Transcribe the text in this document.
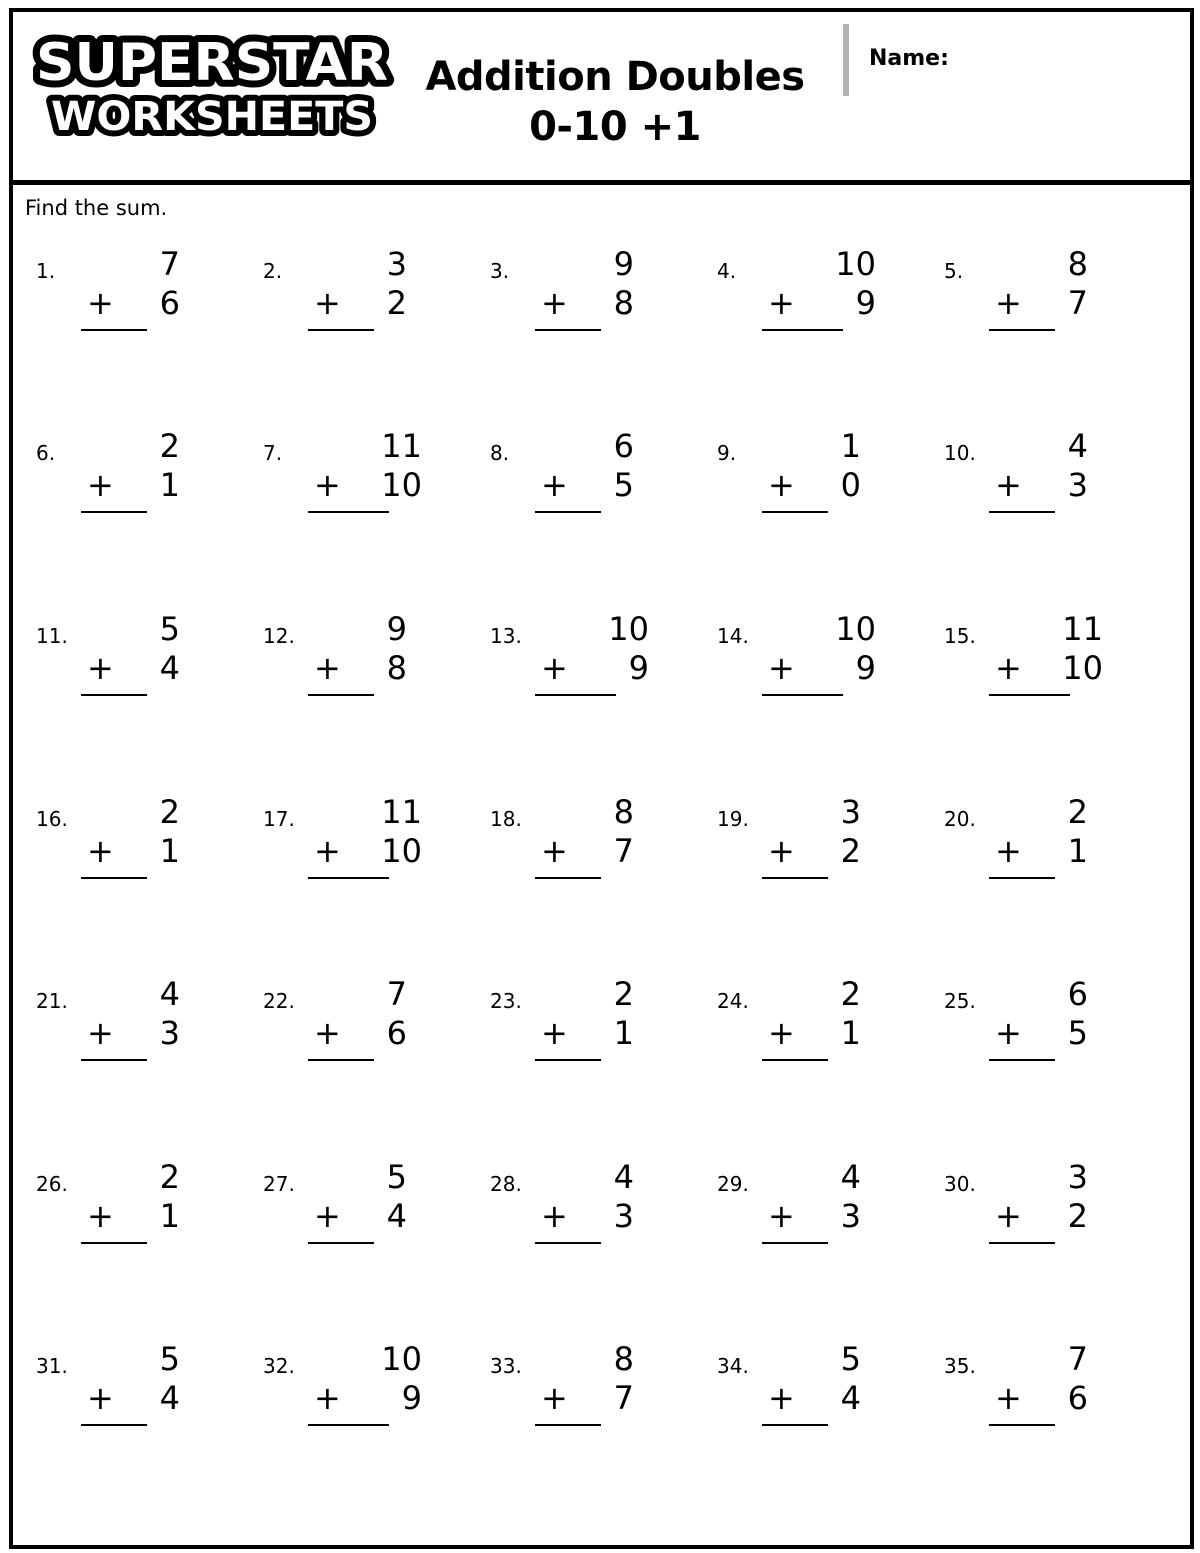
SUPERSTAR
WORKSHEETS
Addition Doubles
0-10 +1
Name:
Find the sum.
1.	7
+ 6
2.	3
+ 2
3.	9
+ 8
4.	10
+ 9
5.	8
+ 7
6.	2
+ 1
7.	11
+ 10
8.	6
+ 5
9.	1
+ 0
10.	4
+ 3
11.	5
+ 4
12.	9
+ 8
13.	10
+ 9
14.	10
+ 9
15.	11
+ 10
16.	2
+ 1
17.	11
+ 10
18.	8
+ 7
19.	3
+ 2
20.	2
+ 1
21.	4
+ 3
22.	7
+ 6
23.	2
+ 1
24.	2
+ 1
25.	6
+ 5
26.	2
+ 1
27.	5
+ 4
28.	4
+ 3
29.	4
+ 3
30.	3
+ 2
31.	5
+ 4
32.	10
+ 9
33.	8
+ 7
34.	5
+ 4
35.	7
+ 6
